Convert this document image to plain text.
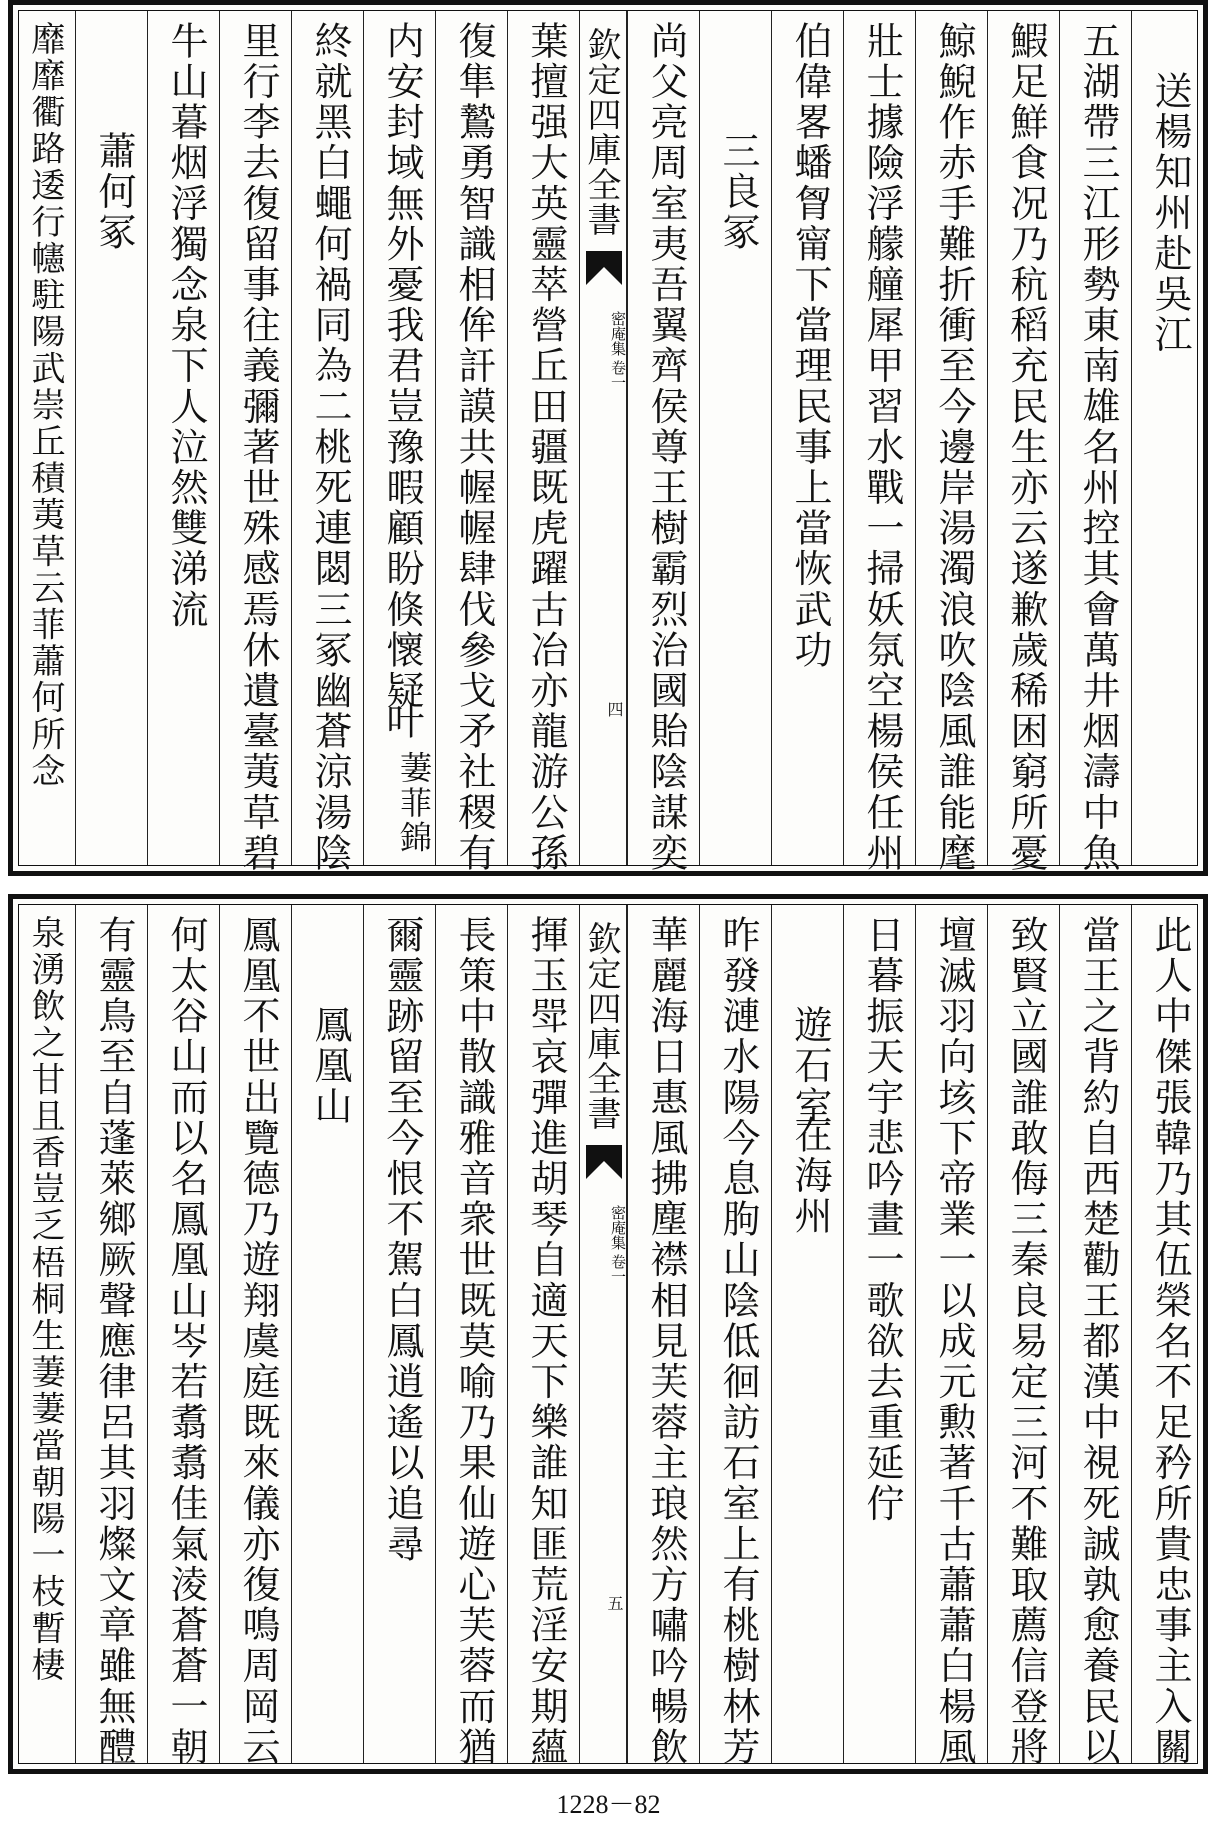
送楊知州赴吳江
五湖帶三江形勢東南雄名州控其會萬井烟濤中魚
鰕足鮮食况乃秔稻充民生亦云遂歉歲稀困窮所憂
鯨鯢作赤手難折衝至今邊岸湯濁浪吹陰風誰能麾
壯士據險浮艨艟犀甲習水戰一掃妖氛空楊侯任州
伯偉畧蟠胷甯下當理民事上當恢武功
三良冢
尚父亮周室夷吾翼齊侯尊王樹霸烈治國貽陰謀奕
欽定四庫全書
密庵集
卷一
四
葉擅强大英靈萃營丘田疆既虎躍古冶亦龍游公孫
復隼鷙勇智識相侔訐謨共幄幄肆伐參戈矛社稷有
内安封域無外憂我君豈豫暇顧盼倏懷疑
叶
萋菲錦
終就黑白蠅何禍同為二桃死連閟三冢幽蒼涼湯陰
里行李去復留事往義彌著世殊感焉休遺臺荑草碧
牛山暮烟浮獨念泉下人泣然雙涕流
蕭何冢
靡靡衢路逶行幰駐陽武崇丘積荑草云菲蕭何所念
此人中傑張韓乃其伍榮名不足矜所貴忠事主入關
當王之背約自西楚勸王都漢中視死誠孰愈養民以
致賢立國誰敢侮三秦良易定三河不難取薦信登將
壇滅羽向垓下帝業一以成元勲著千古蕭蕭白楊風
日暮振天宇悲吟畫一歌欲去重延佇
遊石室
在海州
昨發漣水陽今息朐山陰低徊訪石室上有桃樹林芳
華麗海日惠風拂塵襟相見芙蓉主琅然方嘯吟暢飲
欽定四庫全書
密庵集
卷一
五
揮玉斝哀彈進胡琴自適天下樂誰知匪荒淫安期蘊
長策中散識雅音衆世既莫喻乃果仙遊心芙蓉而猶
爾靈跡留至今恨不駕白鳳逍遙以追尋
鳳凰山
鳳凰不世出覽德乃遊翔虞庭既來儀亦復鳴周岡云
何太谷山而以名鳳凰山岑若翥翥佳氣淩蒼蒼一朝
有靈鳥至自蓬萊鄉厥聲應律呂其羽燦文章雖無醴
泉湧飲之甘且香豈乏梧桐生萋萋當朝陽一枝暫棲
1228－82
